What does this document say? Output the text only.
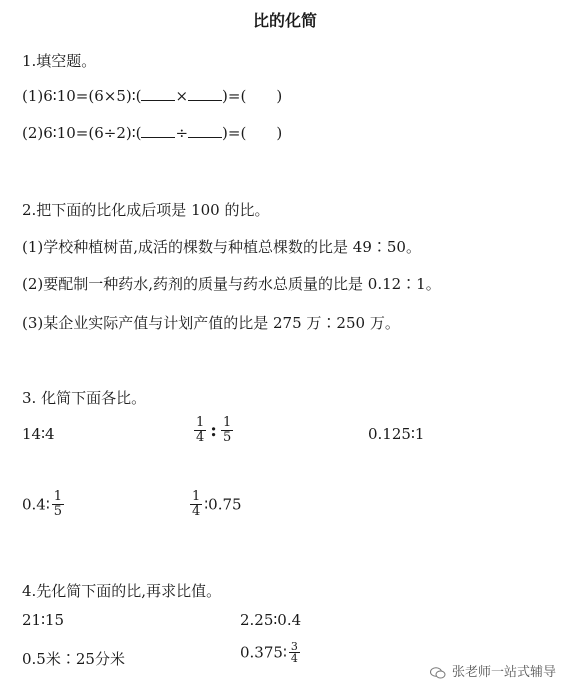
比的化简
1.填空题。
(1)6∶10=(6×5)∶( × )=( )
(2)6∶10=(6÷2)∶( ÷ )=( )
2.把下面的比化成后项是 100 的比。
(1)学校种植树苗,成活的棵数与种植总棵数的比是 49∶50。
(2)要配制一种药水,药剂的质量与药水总质量的比是 0.12∶1。
(3)某企业实际产值与计划产值的比是 275 万∶250 万。
3. 化简下面各比。
14∶4	$\frac{1}{4}$ : $\frac{1}{5}$	0.125∶1
0.4∶ $\frac{1}{5}$	$\frac{1}{4}$ ∶0.75
4.先化简下面的比,再求比值。
21∶15	2.25∶0.4
0.5米∶25分米	0.375∶ $\frac{3}{4}$
张老师一站式辅导
